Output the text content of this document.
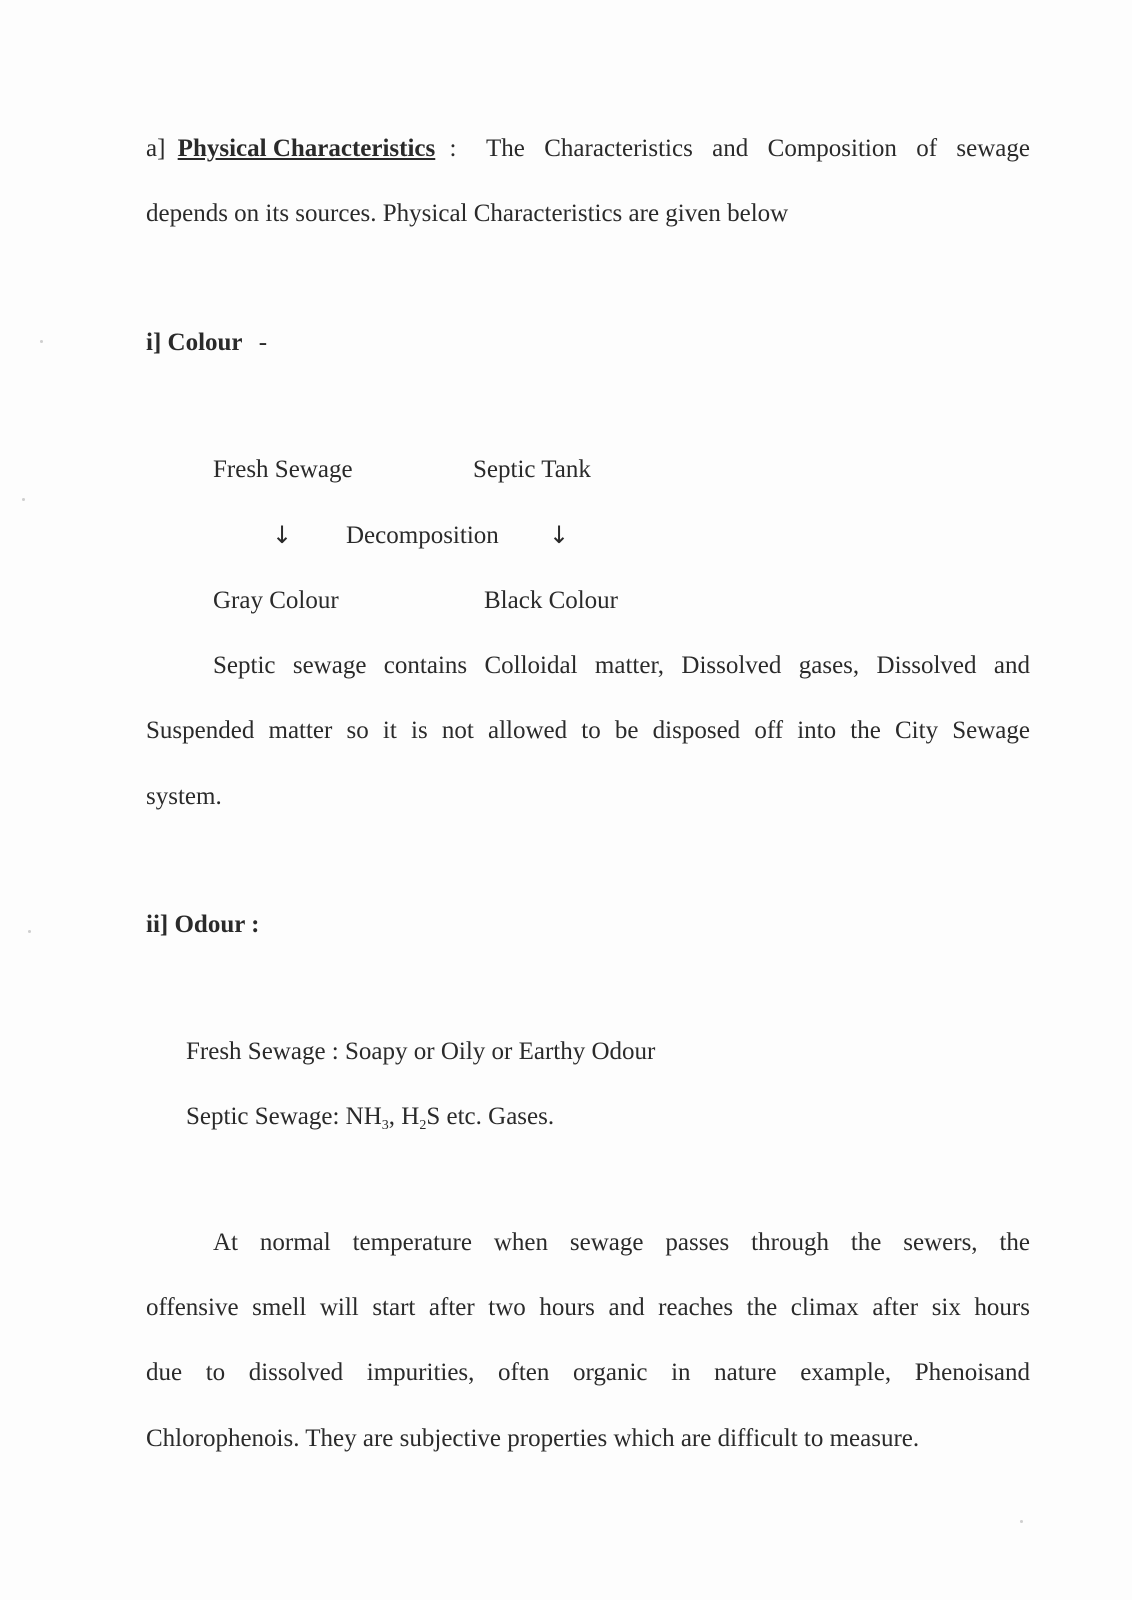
a] Physical Characteristics : The Characteristics and Composition of sewage
depends on its sources. Physical Characteristics are given below
i] Colour -
Fresh Sewage	Septic Tank
↓ Decomposition ↓
Gray Colour	Black Colour
Septic sewage contains Colloidal matter, Dissolved gases, Dissolved and
Suspended matter so it is not allowed to be disposed off into the City Sewage
system.
ii] Odour :
Fresh Sewage : Soapy or Oily or Earthy Odour
Septic Sewage: $NH_3$, $H_2S$ etc. Gases.
At normal temperature when sewage passes through the sewers, the
offensive smell will start after two hours and reaches the climax after six hours
due to dissolved impurities, often organic in nature example, Phenoisand
Chlorophenois. They are subjective properties which are difficult to measure.
